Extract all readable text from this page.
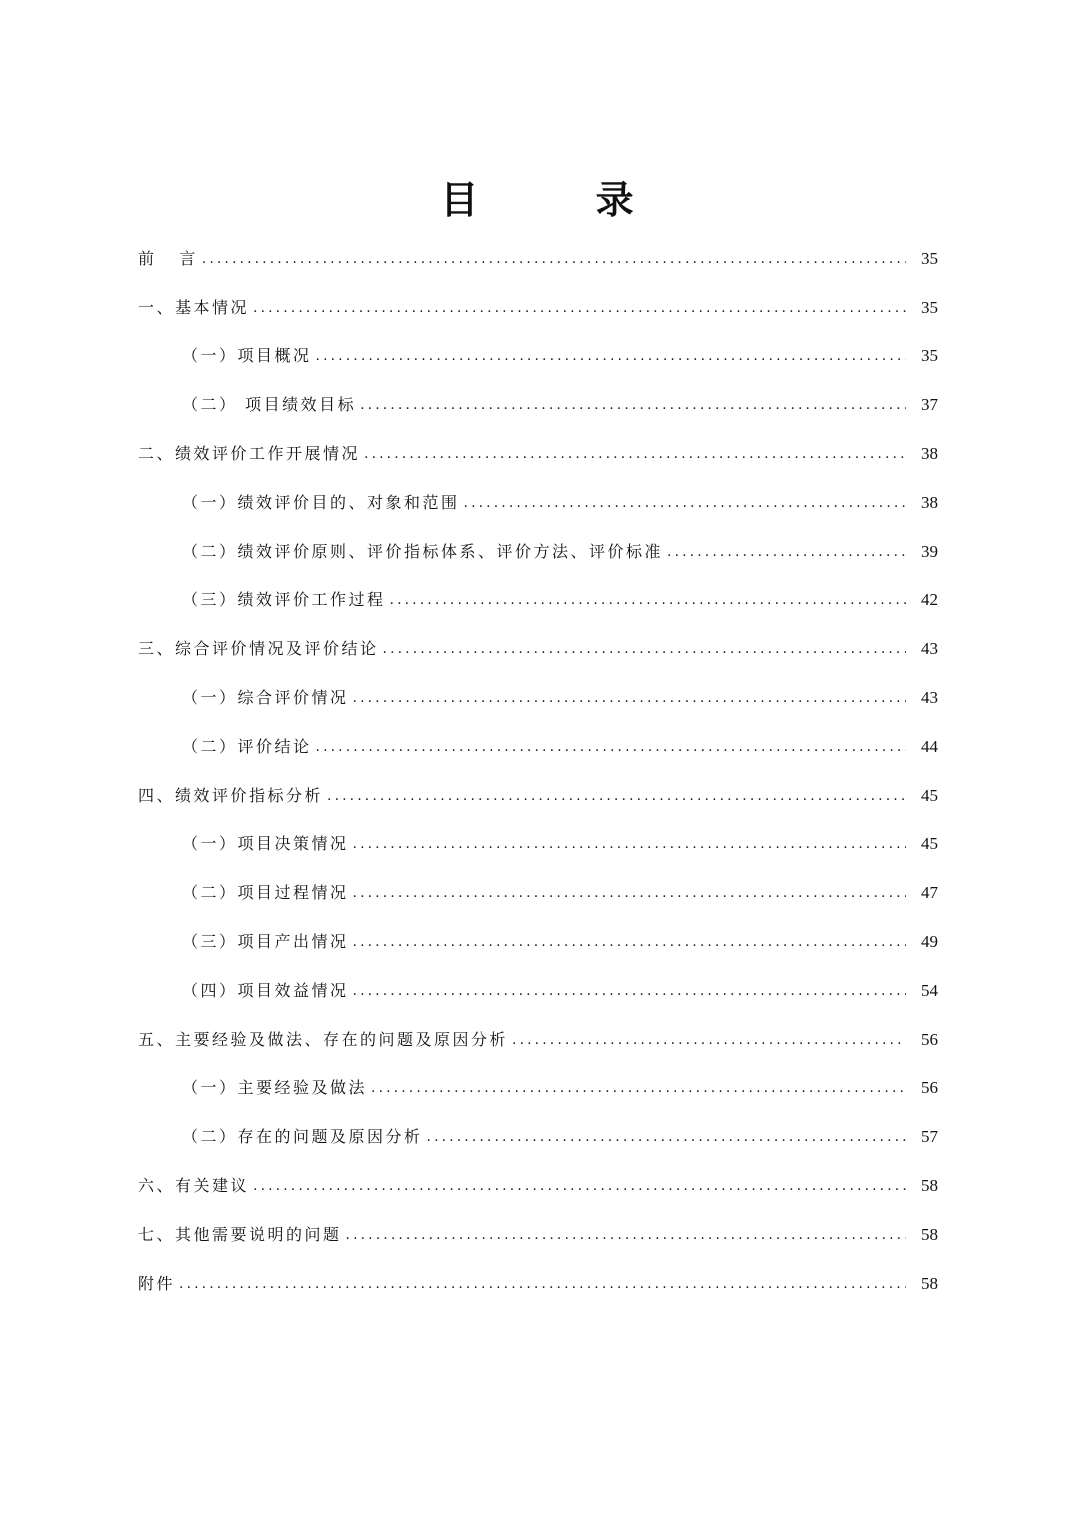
目 录
前   言 .....	35
一、基本情况 .....	35
（一）项目概况 .....	35
（二） 项目绩效目标 .....	37
二、绩效评价工作开展情况 .....	38
（一）绩效评价目的、对象和范围 .....	38
（二）绩效评价原则、评价指标体系、评价方法、评价标准 .....	39
（三）绩效评价工作过程 .....	42
三、综合评价情况及评价结论 .....	43
（一）综合评价情况 .....	43
（二）评价结论 .....	44
四、绩效评价指标分析 .....	45
（一）项目决策情况 .....	45
（二）项目过程情况 .....	47
（三）项目产出情况 .....	49
（四）项目效益情况 .....	54
五、主要经验及做法、存在的问题及原因分析 .....	56
（一）主要经验及做法 .....	56
（二）存在的问题及原因分析 .....	57
六、有关建议 .....	58
七、其他需要说明的问题 .....	58
附件 .....	58
